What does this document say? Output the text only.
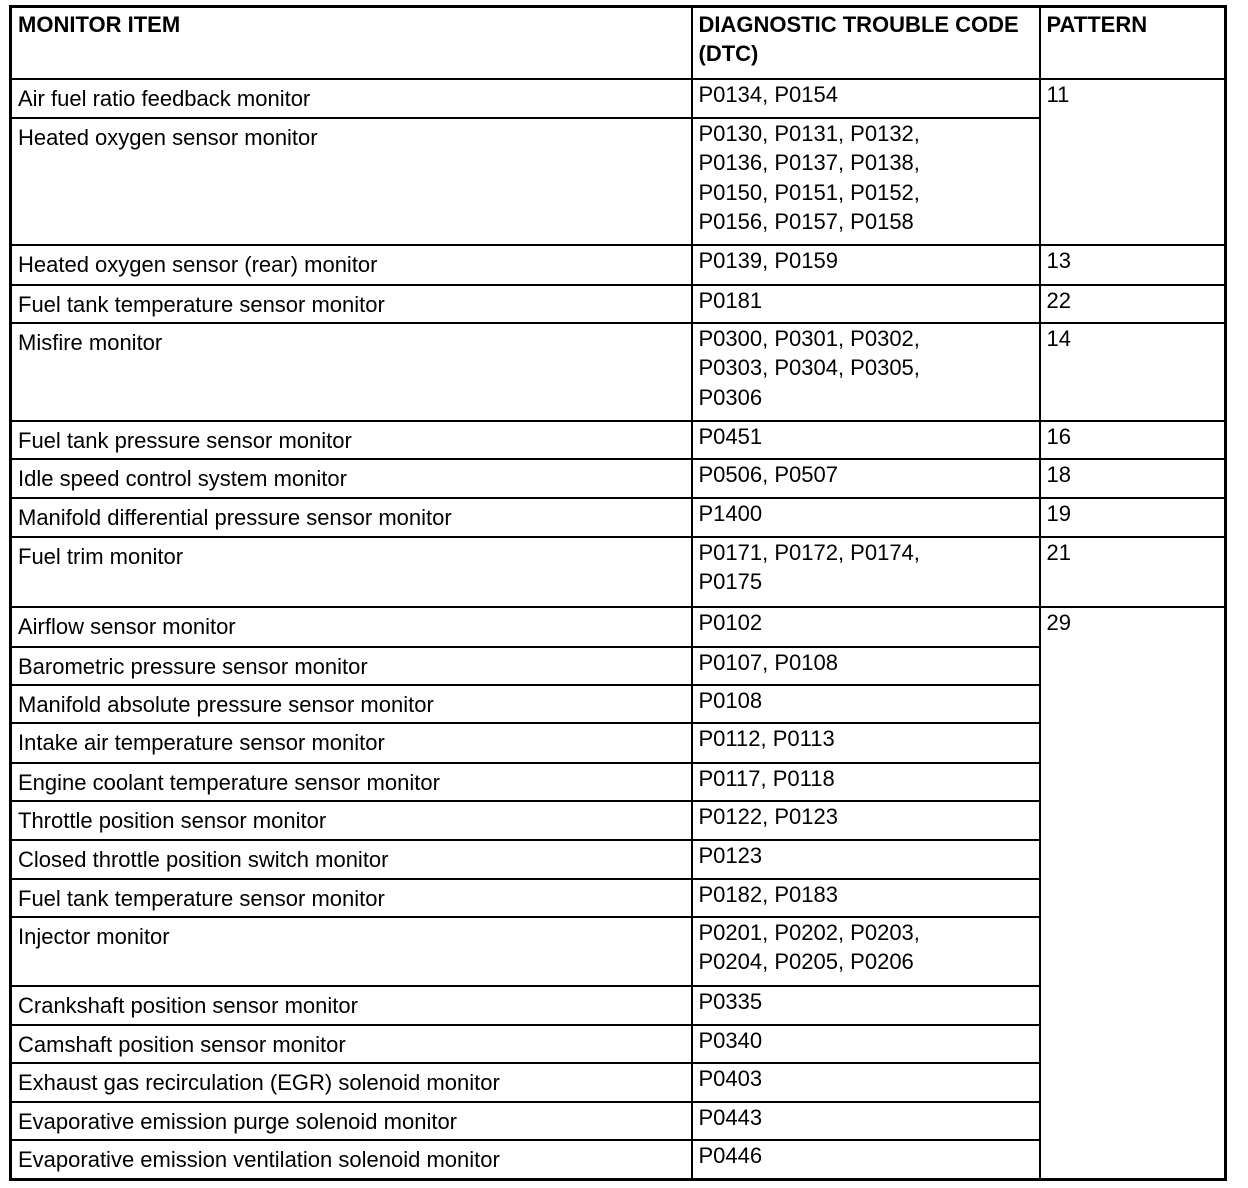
MONITOR ITEM	DIAGNOSTIC TROUBLE CODE (DTC)	PATTERN

Air fuel ratio feedback monitor	P0134, P0154	11

Heated oxygen sensor monitor	P0130, P0131, P0132,
P0136, P0137, P0138,
P0150, P0151, P0152,
P0156, P0157, P0158	

Heated oxygen sensor (rear) monitor	P0139, P0159	13

Fuel tank temperature sensor monitor	P0181	22

Misfire monitor	P0300, P0301, P0302,
P0303, P0304, P0305,
P0306	14

Fuel tank pressure sensor monitor	P0451	16

Idle speed control system monitor	P0506, P0507	18

Manifold differential pressure sensor monitor	P1400	19

Fuel trim monitor	P0171, P0172, P0174,
P0175	21

Airflow sensor monitor	P0102	29

Barometric pressure sensor monitor	P0107, P0108	

Manifold absolute pressure sensor monitor	P0108	

Intake air temperature sensor monitor	P0112, P0113	

Engine coolant temperature sensor monitor	P0117, P0118	

Throttle position sensor monitor	P0122, P0123	

Closed throttle position switch monitor	P0123	

Fuel tank temperature sensor monitor	P0182, P0183	

Injector monitor	P0201, P0202, P0203,
P0204, P0205, P0206	

Crankshaft position sensor monitor	P0335	

Camshaft position sensor monitor	P0340	

Exhaust gas recirculation (EGR) solenoid monitor	P0403	

Evaporative emission purge solenoid monitor	P0443	

Evaporative emission ventilation solenoid monitor	P0446	
